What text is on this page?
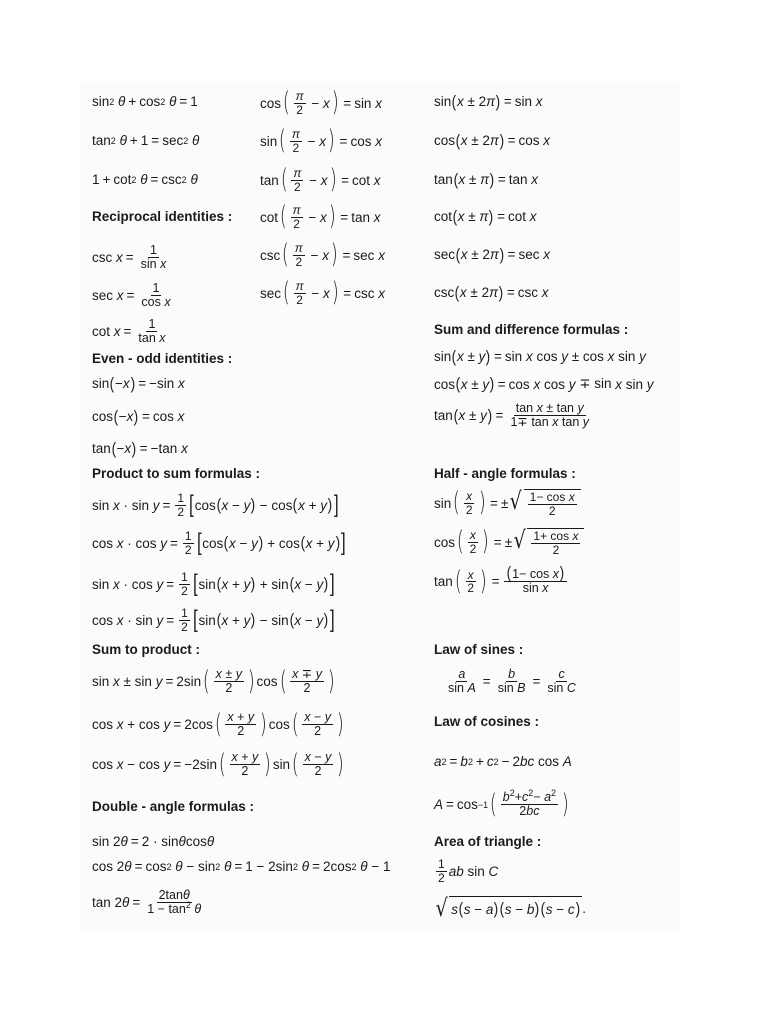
sin 2
θ + cos 2
θ = 1
tan 2
θ + 1 = sec 2
θ
1 + cot 2
θ = csc 2
θ
Reciprocal identities :
$\csc x = \frac{1}{\text{sin x}}$
$\sec x = \frac{1}{\text{cos x}}$
$\cot x = \frac{1}{\text{tan x}}$
Even - odd identities :
sin ( − x ) = −sin x
cos ( − x ) = cos x
tan ( − x ) = −tan x
Product to sum formulas :
$\sin x \cdot \sin y = \frac{1}{2}$ [ cos ( x − y ) − cos ( x + y ) ]
$\cos x \cdot \cos y = \frac{1}{2}$ [ cos ( x − y ) + cos ( x + y ) ]
$\sin x \cdot \cos y = \frac{1}{2}$ [ sin ( x + y ) + sin ( x − y ) ]
$\cos x \cdot \sin y = \frac{1}{2}$ [ sin ( x + y ) − sin ( x − y ) ]
Sum to product :
sin x ± sin y = 2sin ( $\frac{x \pm y}{2}$ ) cos ( $\frac{x \mp y}{2}$ )
cos x + cos y = 2cos ( $\frac{x + y}{2}$ ) cos ( $\frac{x - y}{2}$ )
cos x − cos y = −2sin ( $\frac{x + y}{2}$ ) sin ( $\frac{x - y}{2}$ )
Double - angle formulas :
sin 2 θ = 2 · sin θ cos θ
cos 2 θ = cos 2
θ − sin 2
θ = 1 − 2sin 2
θ = 2cos 2
θ − 1
tan 2 $\theta = \frac{2\tan\theta}{1 - \tan^2 \theta}$
cos ( $\frac{\pi}{2} - x$ ) = sin x
sin ( $\frac{\pi}{2} - x$ ) = cos x
tan ( $\frac{\pi}{2} - x$ ) = cot x
cot ( $\frac{\pi}{2} - x$ ) = tan x
csc ( $\frac{\pi}{2} - x$ ) = sec x
sec ( $\frac{\pi}{2} - x$ ) = csc x
sin ( x ± 2 π ) = sin x
cos ( x ± 2 π ) = cos x
tan ( x ± π ) = tan x
cot ( x ± π ) = cot x
sec ( x ± 2 π ) = sec x
csc ( x ± 2 π ) = csc x
Sum and difference formulas :
sin ( x ± y ) = sin x cos y ± cos x sin y
cos ( x ± y ) = cos x cos y ∓ sin x sin y
tan ( x ± y ) = $\frac{\text{tan x ± tan y}}{\text{1∓ tan x tan y}}$
Half - angle formulas :
sin ( $\frac{x}{2}$ ) = ± √ $\frac{\text{1− cos x}}{2}$
cos ( $\frac{x}{2}$ ) = ± √ $\frac{\text{1+ cos x}}{2}$
tan ( $\frac{x}{2}$ ) = $\frac{\text{(1− cos x)}}{\text{sin x}}$
Law of sines :
$\frac{a}{\text{sin A}} = \frac{b}{\text{sin B}} = \frac{c}{\text{sin C}}$
Law of cosines :
a 2 = b 2 + c 2 − 2 bc cos A
A = cos −1 ( $\frac{b^2+c^2- a^2}{2bc}$ )
Area of triangle :
$\frac{1}{2}$ ab sin C
√ s ( s − a ) ( s − b ) ( s − c ) .
